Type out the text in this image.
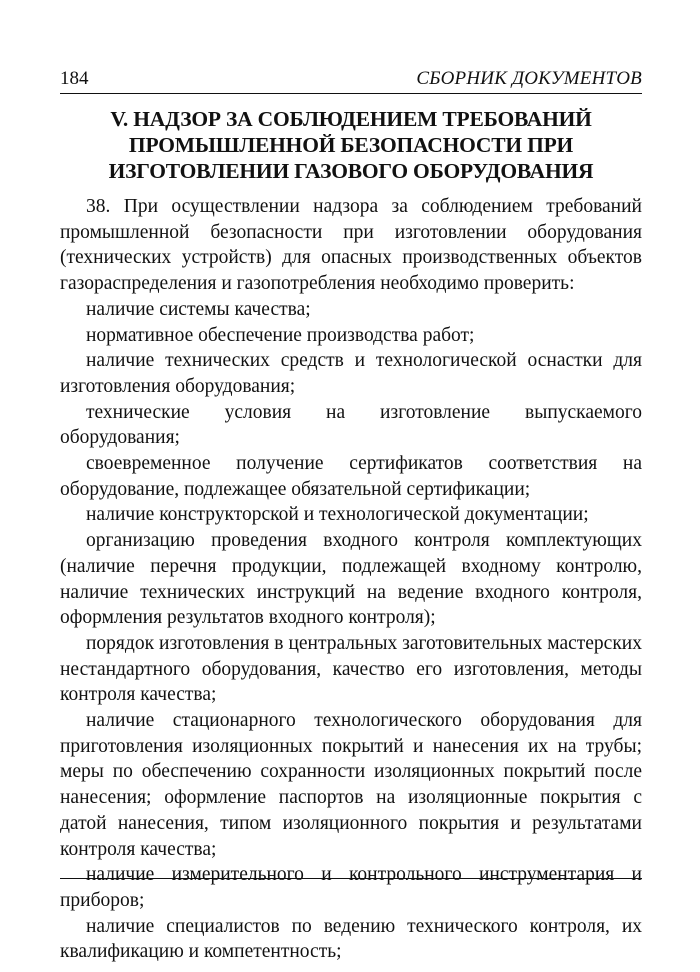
184	СБОРНИК ДОКУМЕНТОВ
V. НАДЗОР ЗА СОБЛЮДЕНИЕМ ТРЕБОВАНИЙ
ПРОМЫШЛЕННОЙ БЕЗОПАСНОСТИ ПРИ
ИЗГОТОВЛЕНИИ ГАЗОВОГО ОБОРУДОВАНИЯ

38. При осуществлении надзора за соблюдением требований промышленной безопасности при изготовлении оборудования (технических устройств) для опасных производственных объектов газораспределения и газопотребления необходимо проверить:

наличие системы качества;

нормативное обеспечение производства работ;

наличие технических средств и технологической оснастки для изготовления оборудования;

технические условия на изготовление выпускаемого оборудования;

своевременное получение сертификатов соответствия на оборудование, подлежащее обязательной сертификации;

наличие конструкторской и технологической документации;

организацию проведения входного контроля комплектующих (наличие перечня продукции, подлежащей входному контролю, наличие технических инструкций на ведение входного контроля, оформления результатов входного контроля);

порядок изготовления в центральных заготовительных мастерских нестандартного оборудования, качество его изготовления, методы контроля качества;

наличие стационарного технологического оборудования для приготовления изоляционных покрытий и нанесения их на трубы; меры по обеспечению сохранности изоляционных покрытий после нанесения; оформление паспортов на изоляционные покрытия с датой нанесения, типом изоляционного покрытия и результатами контроля качества;

наличие измерительного и контрольного инструментария и приборов;

наличие специалистов по ведению технического контроля, их квалификацию и компетентность;
